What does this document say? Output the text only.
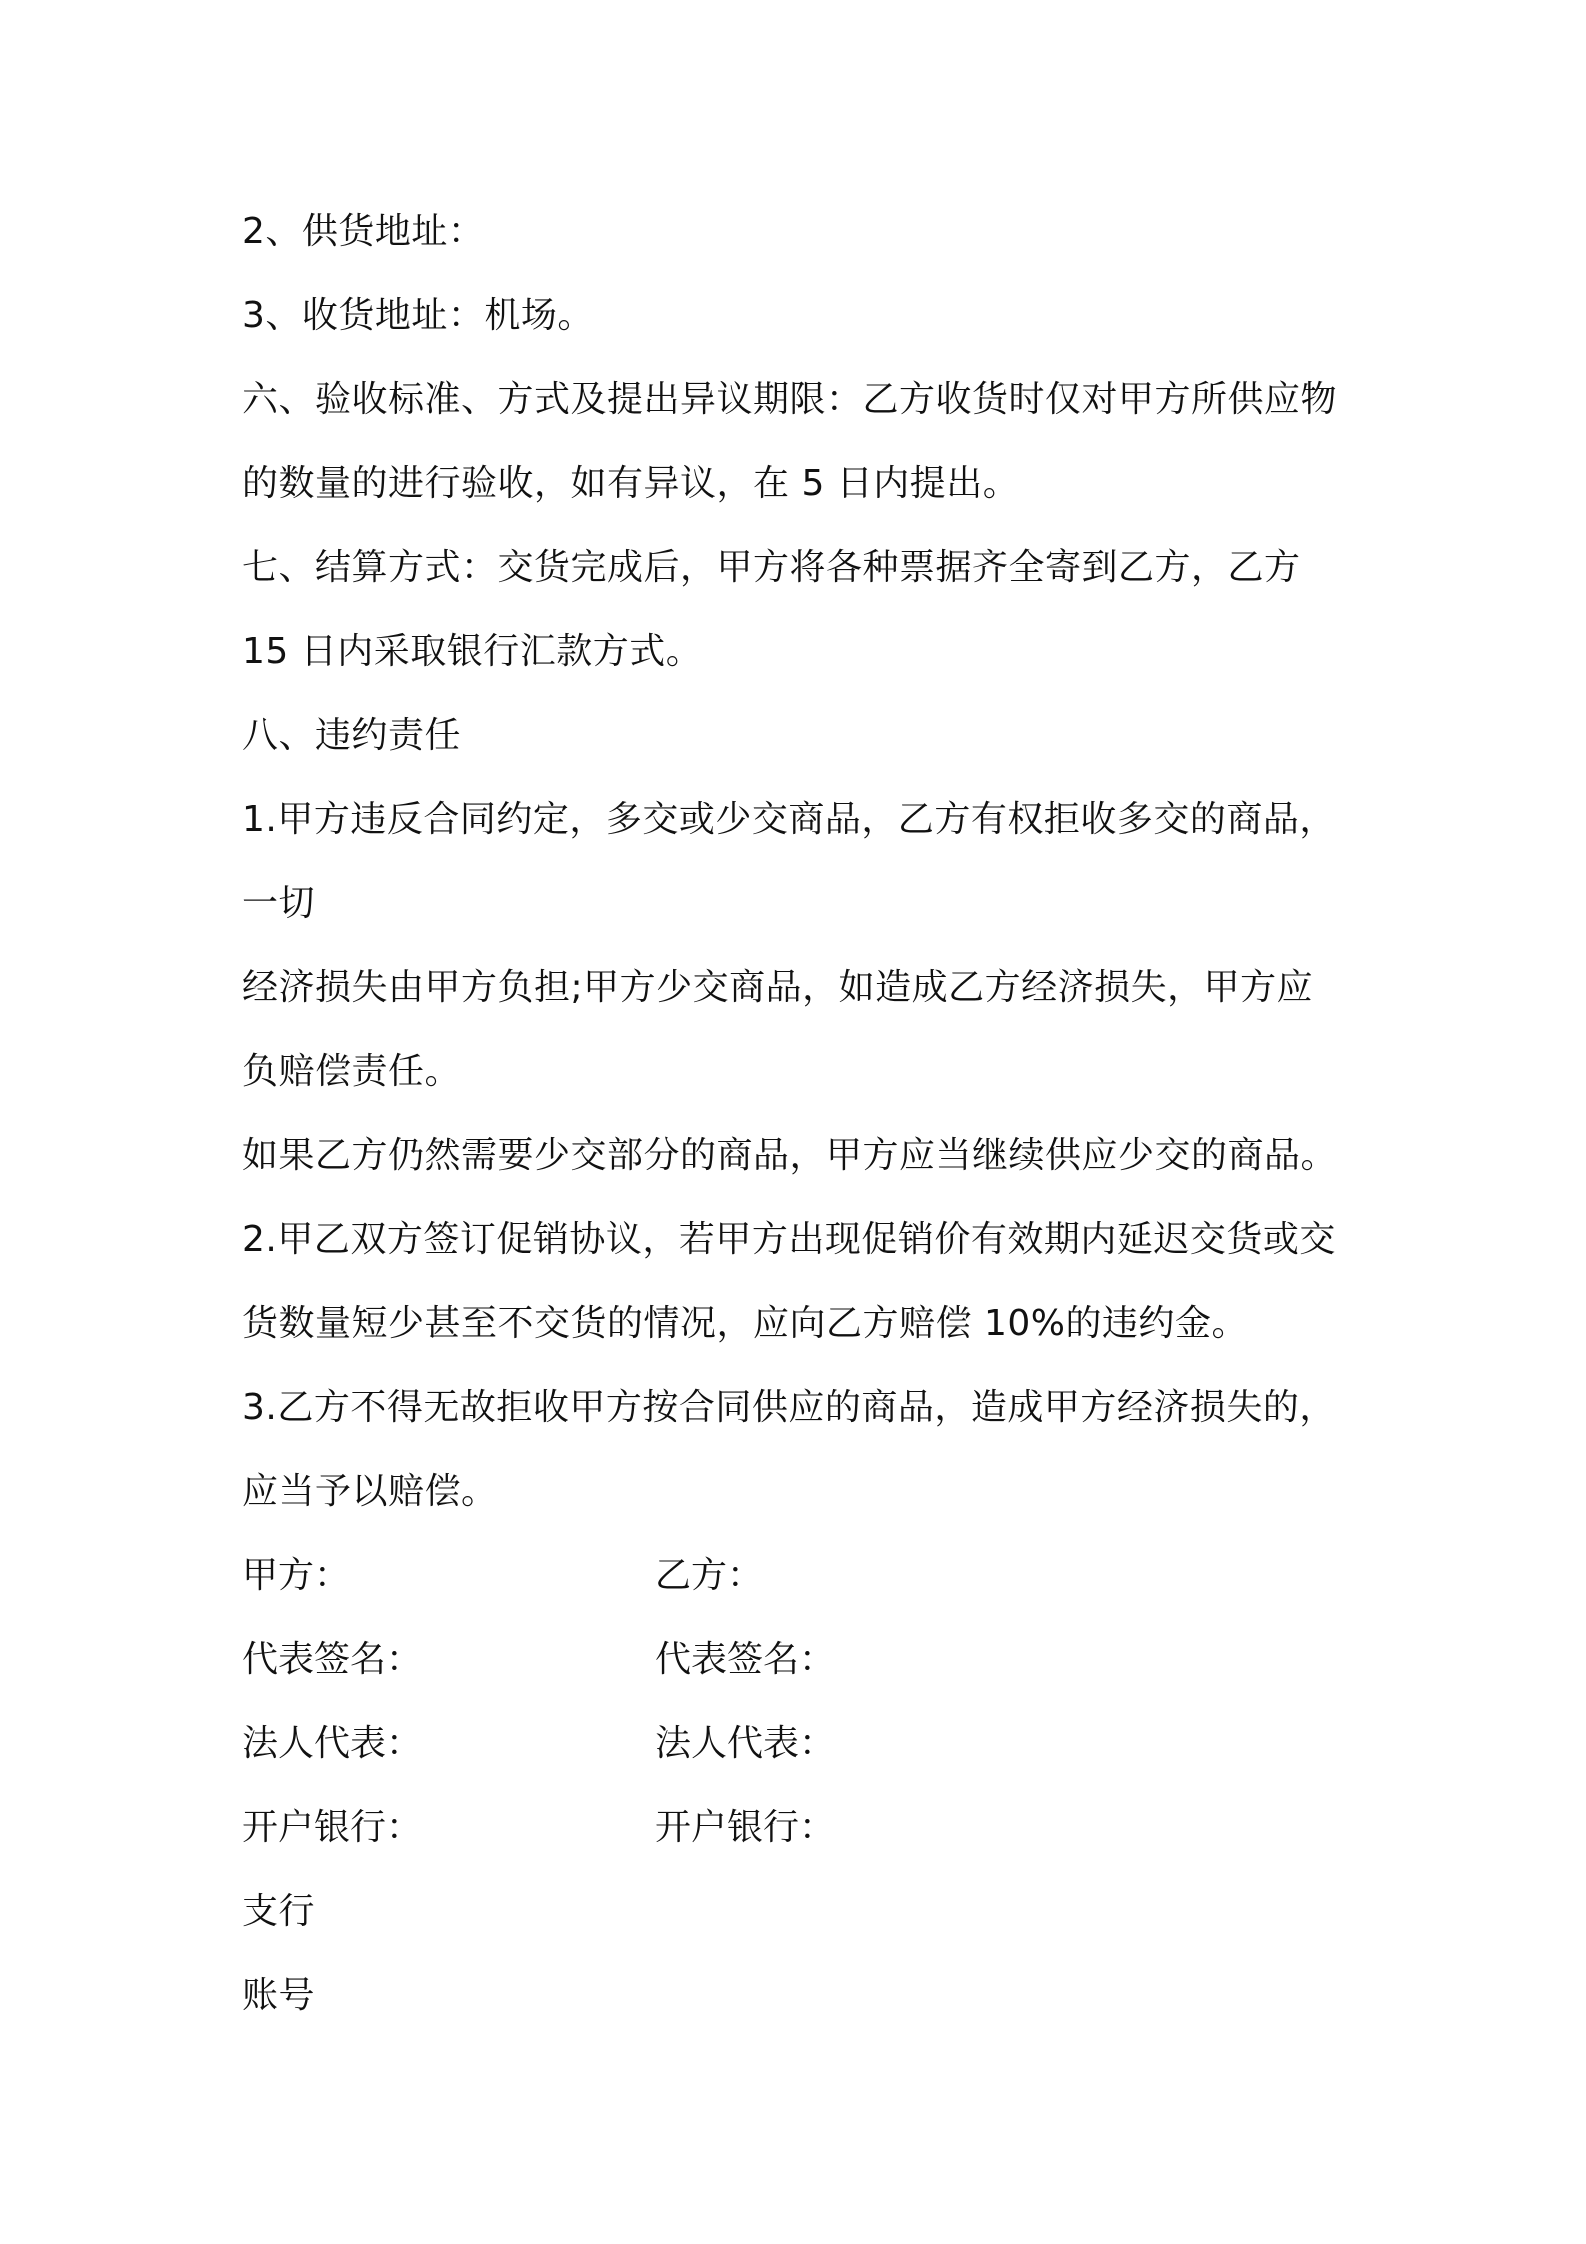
2、供货地址：
3、收货地址：机场。
六、验收标准、方式及提出异议期限：乙方收货时仅对甲方所供应物
的数量的进行验收，如有异议，在 5 日内提出。
七、结算方式：交货完成后，甲方将各种票据齐全寄到乙方，乙方
15 日内采取银行汇款方式。
八、违约责任
1.甲方违反合同约定，多交或少交商品，乙方有权拒收多交的商品，
一切
经济损失由甲方负担;甲方少交商品，如造成乙方经济损失，甲方应
负赔偿责任。
如果乙方仍然需要少交部分的商品，甲方应当继续供应少交的商品。
2.甲乙双方签订促销协议，若甲方出现促销价有效期内延迟交货或交
货数量短少甚至不交货的情况，应向乙方赔偿 10%的违约金。
3.乙方不得无故拒收甲方按合同供应的商品，造成甲方经济损失的，
应当予以赔偿。
甲方：	乙方：
代表签名：	代表签名：
法人代表：	法人代表：
开户银行：	开户银行：
支行
账号
